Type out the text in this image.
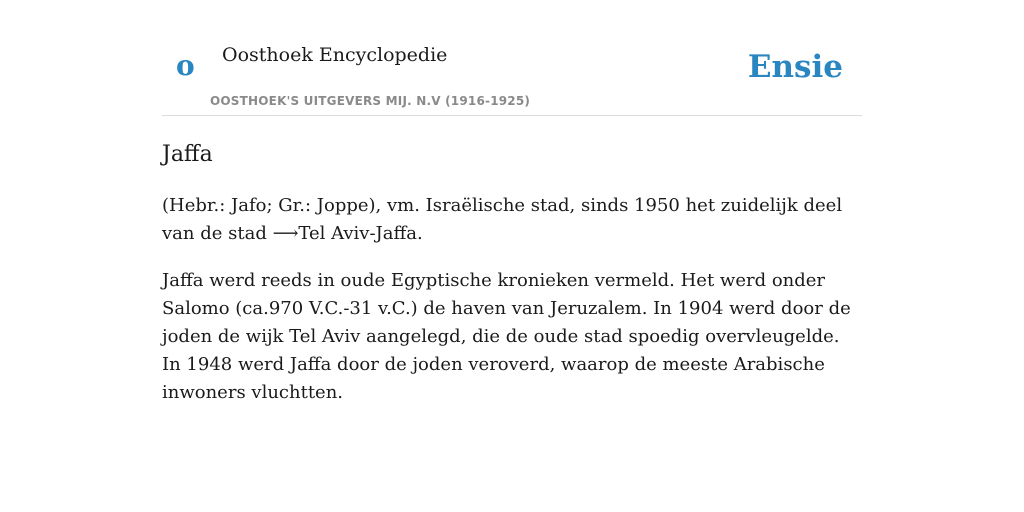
o Oosthoek Encyclopedie
OOSTHOEK'S UITGEVERS MIJ. N.V (1916-1925)
Ensie
Jaffa

(Hebr.: Jafo; Gr.: Joppe), vm. Israëlische stad, sinds 1950 het zuidelijk deel van de stad ⟶Tel Aviv-Jaffa.

Jaffa werd reeds in oude Egyptische kronieken vermeld. Het werd onder Salomo (ca.970 V.C.-31 v.C.) de haven van Jeruzalem. In 1904 werd door de joden de wijk Tel Aviv aangelegd, die de oude stad spoedig overvleugelde. In 1948 werd Jaffa door de joden veroverd, waarop de meeste Arabische inwoners vluchtten.
